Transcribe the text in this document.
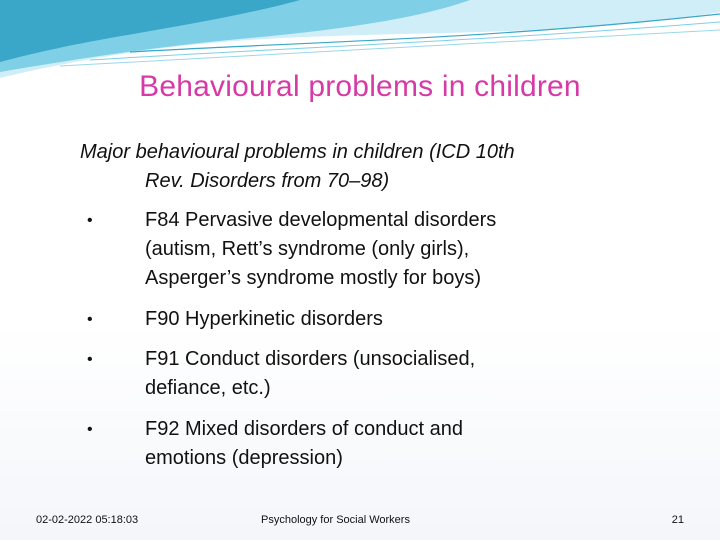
Behavioural problems in children
Major behavioural problems in children (ICD 10th
Rev. Disorders from 70–98)
•	F84 Pervasive developmental disorders
(autism, Rett’s syndrome (only girls),
Asperger’s syndrome mostly for boys)
•	F90 Hyperkinetic disorders
•	F91 Conduct disorders (unsocialised,
defiance, etc.)
•	F92 Mixed disorders of conduct and
emotions (depression)
02-02-2022 05:18:03	Psychology for Social Workers	21
